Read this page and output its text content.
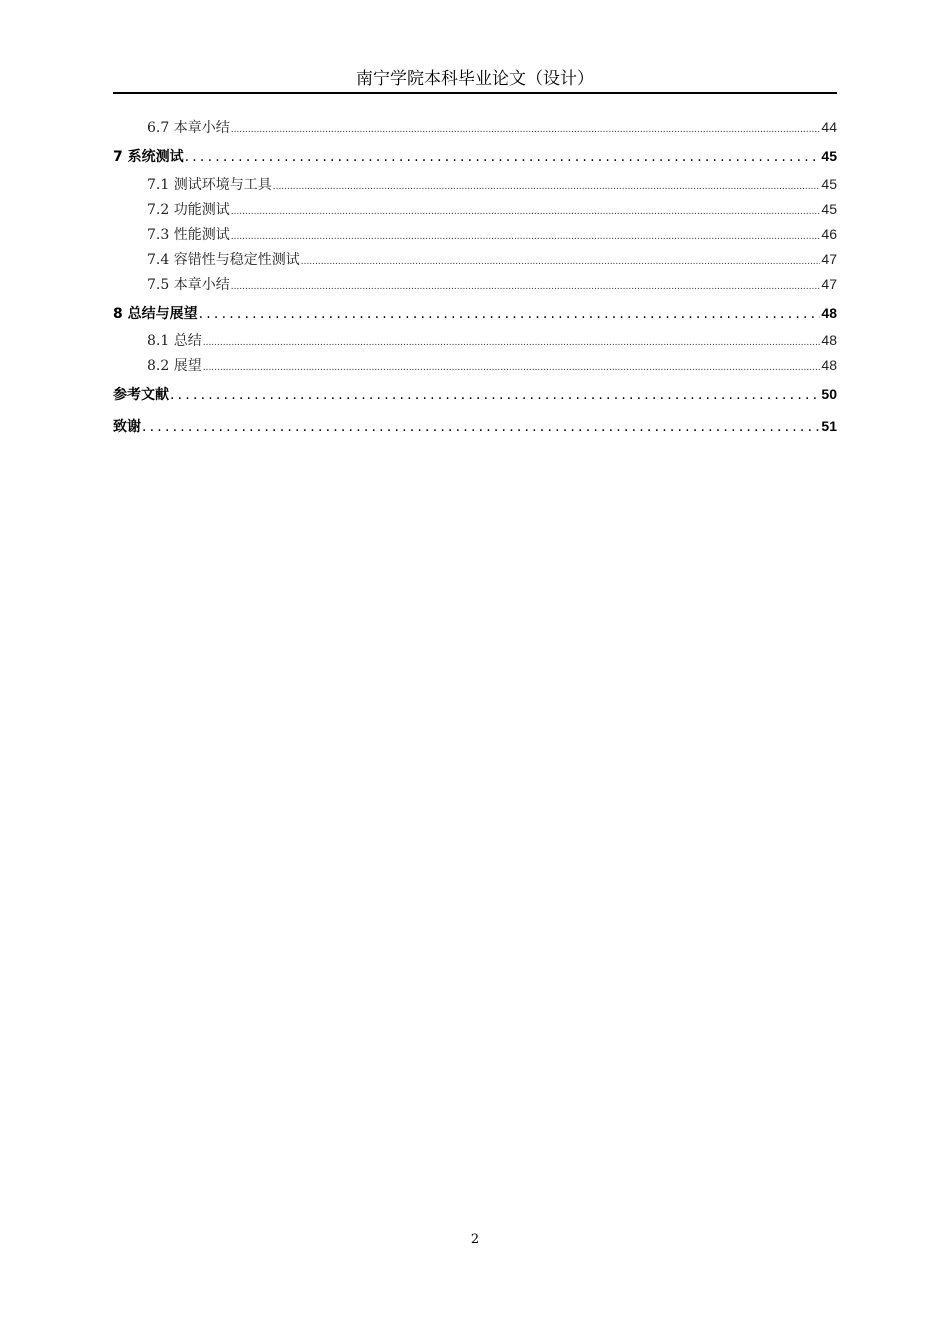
南宁学院本科毕业论文（设计）
6.7 本章小结 .....	44
7 系统测试 .....	45
7.1 测试环境与工具 .....	45
7.2 功能测试 .....	45
7.3 性能测试 .....	46
7.4 容错性与稳定性测试 .....	47
7.5 本章小结 .....	47
8 总结与展望 .....	48
8.1 总结 .....	48
8.2 展望 .....	48
参考文献 .....	50
致谢 .....	51
2
